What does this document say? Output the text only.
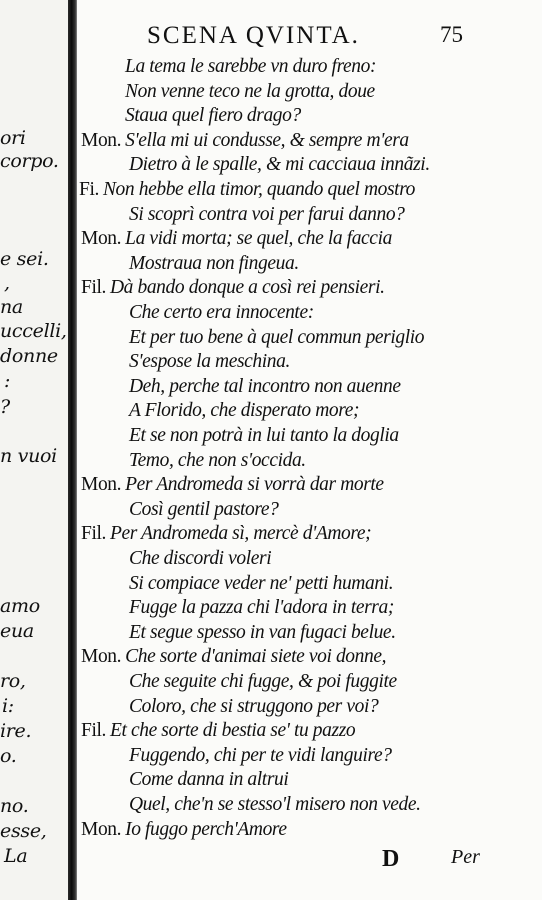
ori
corpo.
e sei.
,
na
uccelli,
donne
:
?
n vuoi
amo
eua
ro,
i:
ire.
o.
no.
esse,
La
SCENA QVINTA.	75
La tema le sarebbe vn duro freno:
Non venne teco ne la grotta, doue
Staua quel fiero drago?
Mon. S'ella mi ui condusse, & sempre m'era
Dietro à le spalle, & mi cacciaua innãzi.
Fi. Non hebbe ella timor, quando quel mostro
Si scoprì contra voi per farui danno?
Mon. La vidi morta; se quel, che la faccia
Mostraua non fingeua.
Fil. Dà bando donque a così rei pensieri.
Che certo era innocente:
Et per tuo bene à quel commun periglio
S'espose la meschina.
Deh, perche tal incontro non auenne
A Florido, che disperato more;
Et se non potrà in lui tanto la doglia
Temo, che non s'occida.
Mon. Per Andromeda si vorrà dar morte
Così gentil pastore?
Fil. Per Andromeda sì, mercè d'Amore;
Che discordi voleri
Si compiace veder ne' petti humani.
Fugge la pazza chi l'adora in terra;
Et segue spesso in van fugaci belue.
Mon. Che sorte d'animai siete voi donne,
Che seguite chi fugge, & poi fuggite
Coloro, che si struggono per voi?
Fil. Et che sorte di bestia se' tu pazzo
Fuggendo, chi per te vidi languire?
Come danna in altrui
Quel, che'n se stesso'l misero non vede.
Mon. Io fuggo perch'Amore
D	Per
